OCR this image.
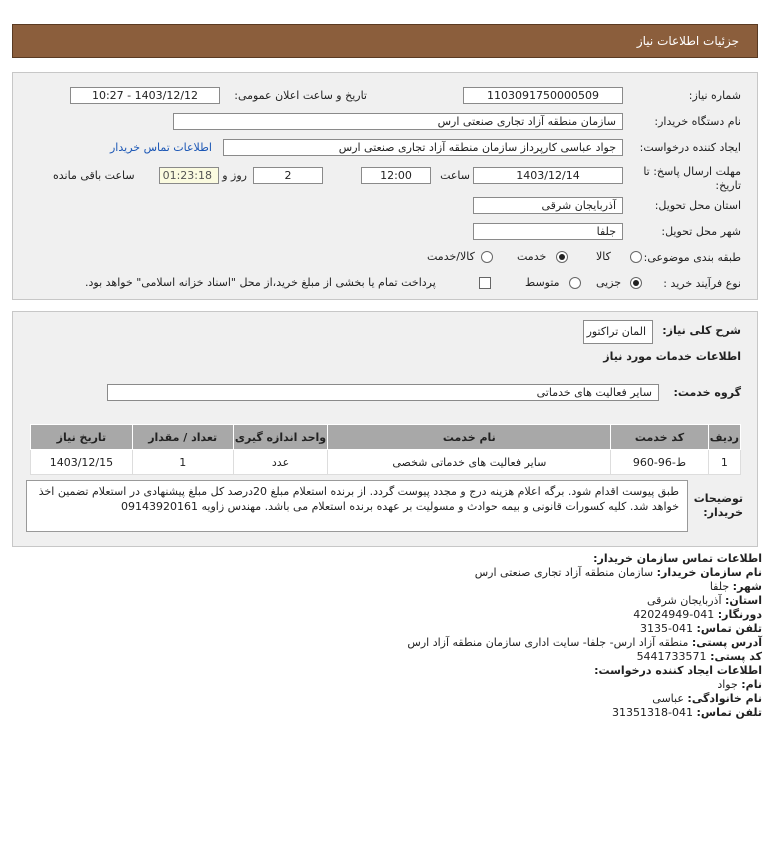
جزئیات اطلاعات نیاز
شماره نیاز:
1103091750000509
تاریخ و ساعت اعلان عمومی:
1403/12/12 - 10:27
نام دستگاه خریدار:
سازمان منطقه آزاد تجاری صنعتی ارس
ایجاد کننده درخواست:
جواد عباسی کارپرداز سازمان منطقه آزاد تجاری صنعتی ارس
اطلاعات تماس خریدار
مهلت ارسال پاسخ: تا
تاریخ:
1403/12/14
ساعت
12:00
2
روز و
01:23:18
ساعت باقی مانده
استان محل تحویل:
آذربایجان شرقی
شهر محل تحویل:
جلفا
طبقه بندی موضوعی:
کالا
خدمت
کالا/خدمت
نوع فرآیند خرید :
جزیی
متوسط
پرداخت تمام یا بخشی از مبلغ خرید،از محل "اسناد خزانه اسلامی" خواهد بود.
شرح کلی نیاز:
المان تراکتور
اطلاعات خدمات مورد نیاز
گروه خدمت:
سایر فعالیت های خدماتی
توضیحات خریدار:
ردیف	کد خدمت	نام خدمت	واحد اندازه گیری	تعداد / مقدار	تاریخ نیاز
1	ط-96-960	سایر فعالیت های خدماتی شخصی	عدد	1	1403/12/15
طبق پیوست اقدام شود. برگه اعلام هزینه درج و مجدد پیوست گردد. از برنده استعلام مبلغ 20درصد کل مبلغ پیشنهادی در استعلام تضمین اخذ خواهد شد. کلیه کسورات قانونی و بیمه حوادث و مسولیت بر عهده برنده استعلام می باشد. مهندس زاویه 09143920161
اطلاعات تماس سازمان خریدار:
نام سازمان خریدار: سازمان منطقه آزاد تجاری صنعتی ارس
شهر: جلفا
استان: آذربایجان شرقی
دورنگار: 041-42024949
تلفن تماس: 041-3135
آدرس پستی: منطقه آزاد ارس- جلفا- سایت اداری سازمان منطقه آزاد ارس
کد پستی: 5441733571
اطلاعات ایجاد کننده درخواست:
نام: جواد
نام خانوادگی: عباسی
تلفن تماس: 041-31351318
